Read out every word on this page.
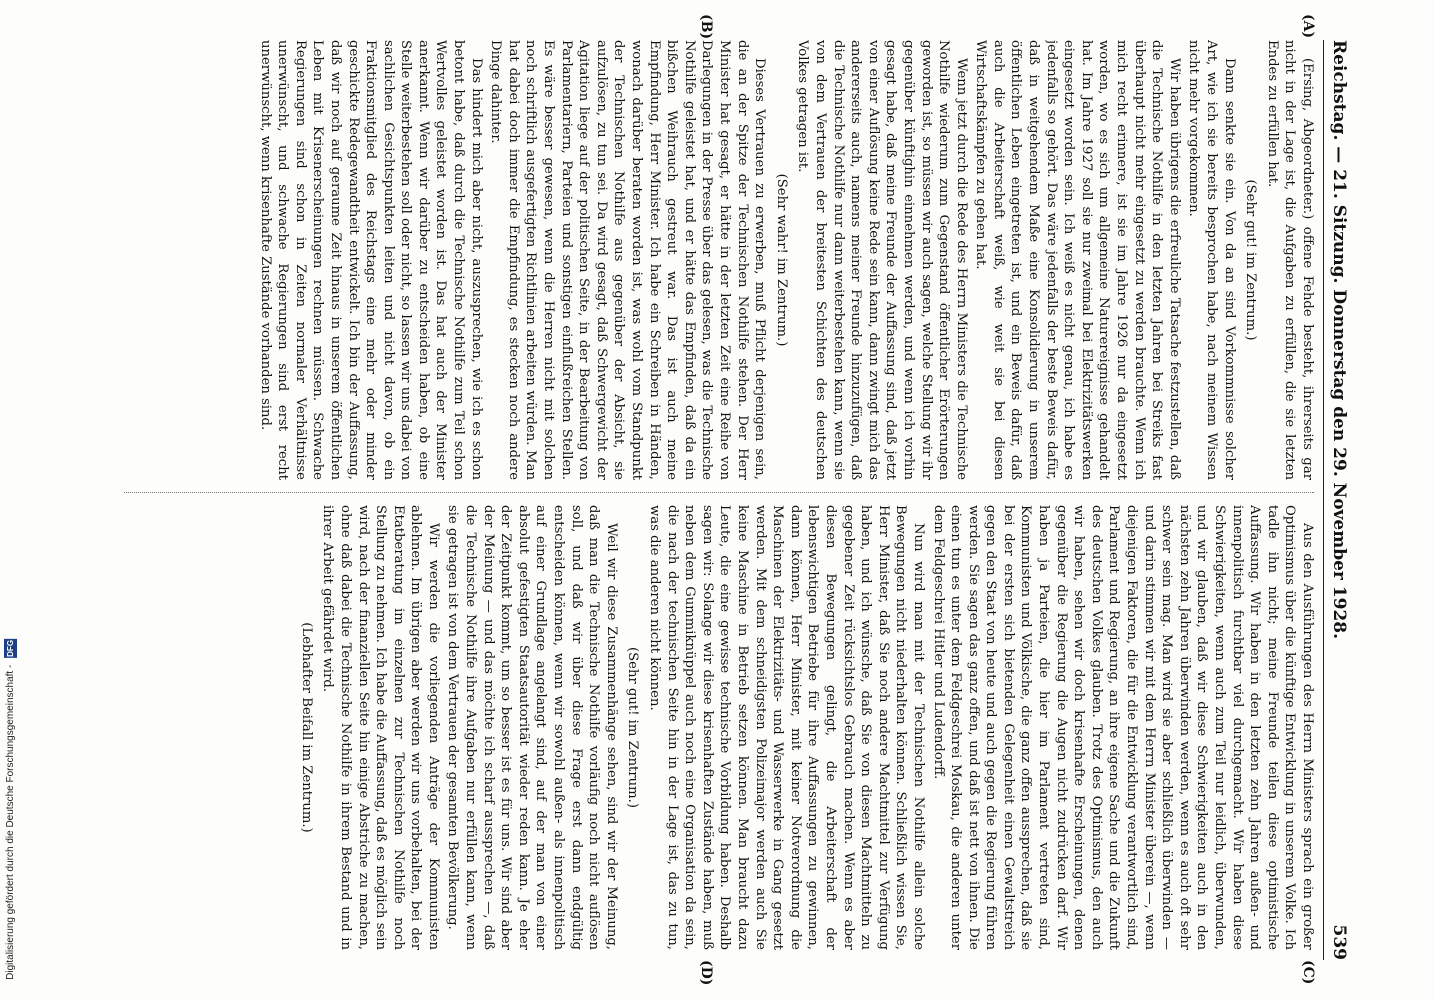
Digitalisierung gefördert durch die Deutsche Forschungsgemeinschaft - DFG
Reichstag. — 21. Sitzung. Donnerstag den 29. November 1928.
539
(A)
(B)
(C)
(D)

(Ersing, Abgeordneter.) offene Fehde besteht, ihrerseits gar nicht in der Lage ist, die Aufgaben zu erfüllen, die sie letzten Endes zu erfüllen hat.

(Sehr gut! im Zentrum.)

Dann senkte sie ein. Von da an sind Vorkommnisse solcher Art, wie ich sie bereits besprochen habe, nach meinem Wissen nicht mehr vorgekommen.

Wir haben übrigens die erfreuliche Tatsache festzustellen, daß die Technische Nothilfe in den letzten Jahren bei Streiks fast überhaupt nicht mehr eingesetzt zu werden brauchte. Wenn ich mich recht erinnere, ist sie im Jahre 1926 nur da eingesetzt worden, wo es sich um allgemeine Naturereignisse gehandelt hat. Im Jahre 1927 soll sie nur zweimal bei Elektrizitätswerken eingesetzt worden sein. Ich weiß es nicht genau, ich habe es jedenfalls so gehört. Das wäre jedenfalls der beste Beweis dafür, daß in weitgehendem Maße eine Konsolidierung in unserem öffentlichen Leben eingetreten ist, und ein Beweis dafür, daß auch die Arbeiterschaft weiß, wie weit sie bei diesen Wirtschaftskämpfen zu gehen hat.

Wenn jetzt durch die Rede des Herrn Ministers die Technische Nothilfe wiederum zum Gegenstand öffentlicher Erörterungen geworden ist, so müssen wir auch sagen, welche Stellung wir ihr gegenüber künftighin einnehmen werden, und wenn ich vorhin gesagt habe, daß meine Freunde der Auffassung sind, daß jetzt von einer Auflösung keine Rede sein kann, dann zwingt mich das andererseits auch, namens meiner Freunde hinzuzufügen, daß die Technische Nothilfe nur dann weiterbestehen kann, wenn sie von dem Vertrauen der breitesten Schichten des deutschen Volkes getragen ist.

(Sehr wahr! im Zentrum.)

Dieses Vertrauen zu erwerben, muß Pflicht derjenigen sein, die an der Spitze der Technischen Nothilfe stehen. Der Herr Minister hat gesagt, er hätte in der letzten Zeit eine Reihe von Darlegungen in der Presse über das gelesen, was die Technische Nothilfe geleistet hat, und er hätte das Empfinden, daß da ein bißchen Weihrauch gestreut war. Das ist auch meine Empfindung, Herr Minister. Ich habe ein Schreiben in Händen, wonach darüber beraten worden ist, was wohl vom Standpunkt der Technischen Nothilfe aus gegenüber der Absicht, sie aufzulösen, zu tun sei. Da wird gesagt, daß Schwergewicht der Agitation liege auf der politischen Seite, in der Bearbeitung von Parlamentariern, Parteien und sonstigen einflußreichen Stellen. Es wäre besser gewesen, wenn die Herren nicht mit solchen noch schriftlich ausgefertigten Richtlinien arbeiten würden. Man hat dabei doch immer die Empfindung, es stecken noch andere Dinge dahinter.

Das hindert mich aber nicht, auszusprechen, wie ich es schon betont habe, daß durch die Technische Nothilfe zum Teil schon Wertvolles geleistet worden ist. Das hat auch der Minister anerkannt. Wenn wir darüber zu entscheiden haben, ob eine Stelle weiterbestehen soll oder nicht, so lassen wir uns dabei von sachlichen Gesichtspunkten leiten und nicht davon, ob ein Fraktionsmitglied des Reichstags eine mehr oder minder geschickte Redegewandtheit entwickelt. Ich bin der Auffassung, daß wir noch auf geraume Zeit hinaus in unserem öffentlichen Leben mit Krisenerscheinungen rechnen müssen. Schwache Regierungen sind schon in Zeiten normaler Verhältnisse unerwünscht, und schwache Regierungen sind erst recht unerwünscht, wenn krisenhafte Zustände vorhanden sind.

Aus den Ausführungen des Herrn Ministers sprach ein großer Optimismus über die künftige Entwicklung in unserem Volke. Ich tadle ihn nicht; meine Freunde teilen diese optimistische Auffassung. Wir haben in den letzten zehn Jahren außen- und innenpolitisch furchtbar viel durchgemacht. Wir haben diese Schwierigkeiten, wenn auch zum Teil nur leidlich, überwunden, und wir glauben, daß wir diese Schwierigkeiten auch in den nächsten zehn Jahren überwinden werden, wenn es auch oft sehr schwer sein mag. Man wird sie aber schließlich überwinden — und darin stimmen wir mit dem Herrn Minister überein —, wenn diejenigen Faktoren, die für die Entwicklung verantwortlich sind, Parlament und Regierung, an ihre eigene Sache und die Zukunft des deutschen Volkes glauben. Trotz des Optimismus, den auch wir haben, sehen wir doch krisenhafte Erscheinungen, denen gegenüber die Regierung die Augen nicht zudrücken darf. Wir haben ja Parteien, die hier im Parlament vertreten sind, Kommunisten und Völkische, die ganz offen aussprechen, daß sie bei der ersten sich bietenden Gelegenheit einen Gewaltstreich gegen den Staat von heute und auch gegen die Regierung führen werden. Sie sagen das ganz offen, und daß ist nett von ihnen. Die einen tun es unter dem Feldgeschrei Moskau, die anderen unter dem Feldgeschrei Hitler und Ludendorff.

Nun wird man mit der Technischen Nothilfe allein solche Bewegungen nicht niederhalten können. Schließlich wissen Sie, Herr Minister, daß Sie noch andere Machtmittel zur Verfügung haben, und ich wünsche, daß Sie von diesen Machtmitteln zu gegebener Zeit rücksichtslos Gebrauch machen. Wenn es aber diesen Bewegungen gelingt, die Arbeiterschaft der lebenswichtigen Betriebe für ihre Auffassungen zu gewinnen, dann können, Herr Minister, mit keiner Notverordnung die Maschinen der Elektrizitäts- und Wasserwerke in Gang gesetzt werden. Mit dem schneidigsten Polizeimajor werden auch Sie keine Maschine in Betrieb setzen können. Man braucht dazu Leute, die eine gewisse technische Vorbildung haben. Deshalb sagen wir: Solange wir diese krisenhaften Zustände haben, muß neben dem Gummiknüppel auch noch eine Organisation da sein, die nach der technischen Seite hin in der Lage ist, das zu tun, was die anderen nicht können.

(Sehr gut! im Zentrum.)

Weil wir diese Zusammenhänge sehen, sind wir der Meinung, daß man die Technische Nothilfe vorläufig noch nicht auflösen soll, und daß wir über diese Frage erst dann endgültig entscheiden können, wenn wir sowohl außen- als innenpolitisch auf einer Grundlage angelangt sind, auf der man von einer absolut gefestigten Staatsautorität wieder reden kann. Je eher der Zeitpunkt kommt, um so besser ist es für uns. Wir sind aber der Meinung — und das möchte ich scharf aussprechen —, daß die Technische Nothilfe ihre Aufgaben nur erfüllen kann, wenn sie getragen ist von dem Vertrauen der gesamten Bevölkerung.

Wir werden die vorliegenden Anträge der Kommunisten ablehnen. Im übrigen aber werden wir uns vorbehalten, bei der Etatberatung im einzelnen zur Technischen Nothilfe noch Stellung zu nehmen. Ich habe die Auffassung, daß es möglich sein wird, nach der finanziellen Seite hin einige Abstriche zu machen, ohne daß dabei die Technische Nothilfe in ihrem Bestand und in ihrer Arbeit gefährdet wird.

(Lebhafter Beifall im Zentrum.)
